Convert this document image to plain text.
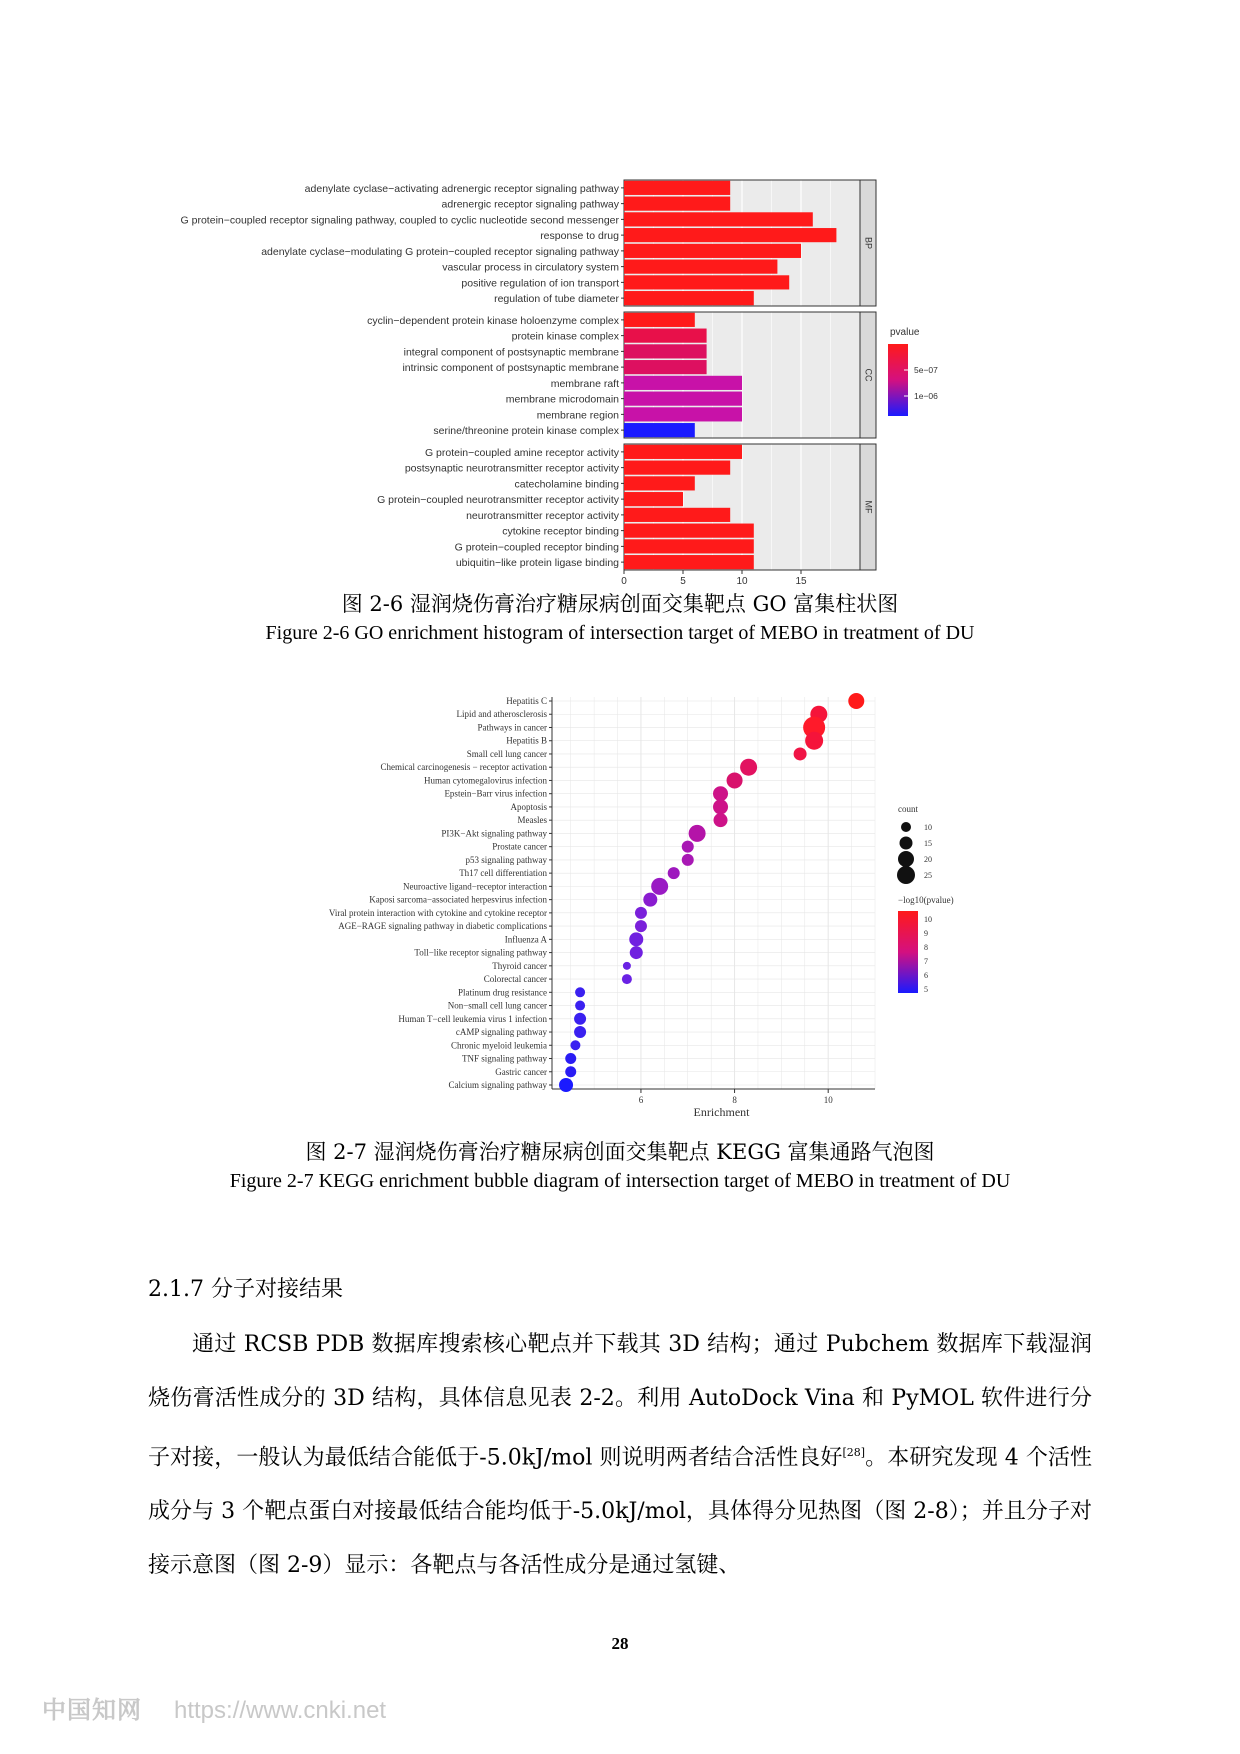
BP
adenylate cyclase−activating adrenergic receptor signaling pathway
adrenergic receptor signaling pathway
G protein−coupled receptor signaling pathway, coupled to cyclic nucleotide second messenger
response to drug
adenylate cyclase−modulating G protein−coupled receptor signaling pathway
vascular process in circulatory system
positive regulation of ion transport
regulation of tube diameter
CC
cyclin−dependent protein kinase holoenzyme complex
protein kinase complex
integral component of postsynaptic membrane
intrinsic component of postsynaptic membrane
membrane raft
membrane microdomain
membrane region
serine/threonine protein kinase complex
MF
G protein−coupled amine receptor activity
postsynaptic neurotransmitter receptor activity
catecholamine binding
G protein−coupled neurotransmitter receptor activity
neurotransmitter receptor activity
cytokine receptor binding
G protein−coupled receptor binding
ubiquitin−like protein ligase binding
0	5	10	15
pvalue
5e−07
1e−06
图 2-6 湿润烧伤膏治疗糖尿病创面交集靶点 GO 富集柱状图
Figure 2-6 GO enrichment histogram of intersection target of MEBO in treatment of DU
Hepatitis C
Lipid and atherosclerosis
Pathways in cancer
Hepatitis B
Small cell lung cancer
Chemical carcinogenesis − receptor activation
Human cytomegalovirus infection
Epstein−Barr virus infection
Apoptosis
Measles
PI3K−Akt signaling pathway
Prostate cancer
p53 signaling pathway
Th17 cell differentiation
Neuroactive ligand−receptor interaction
Kaposi sarcoma−associated herpesvirus infection
Viral protein interaction with cytokine and cytokine receptor
AGE−RAGE signaling pathway in diabetic complications
Influenza A
Toll−like receptor signaling pathway
Thyroid cancer
Colorectal cancer
Platinum drug resistance
Non−small cell lung cancer
Human T−cell leukemia virus 1 infection
cAMP signaling pathway
Chronic myeloid leukemia
TNF signaling pathway
Gastric cancer
Calcium signaling pathway
6	8	10
Enrichment
count
10
15
20
25
−log10(pvalue)
10
9
8
7
6
5
图 2-7 湿润烧伤膏治疗糖尿病创面交集靶点 KEGG 富集通路气泡图
Figure 2-7 KEGG enrichment bubble diagram of intersection target of MEBO in treatment of DU
2.1.7 分子对接结果

通过 RCSB PDB 数据库搜索核心靶点并下载其 3D 结构；通过 Pubchem 数据库下载湿润烧伤膏活性成分的 3D 结构，具体信息见表 2-2。利用 AutoDock Vina 和 PyMOL 软件进行分子对接，一般认为最低结合能低于-5.0kJ/mol 则说明两者结合活性良好[28]。本研究发现 4 个活性成分与 3 个靶点蛋白对接最低结合能均低于-5.0kJ/mol，具体得分见热图（图 2-8）；并且分子对接示意图（图 2-9）显示：各靶点与各活性成分是通过氢键、

28
中国知网 https://www.cnki.net
